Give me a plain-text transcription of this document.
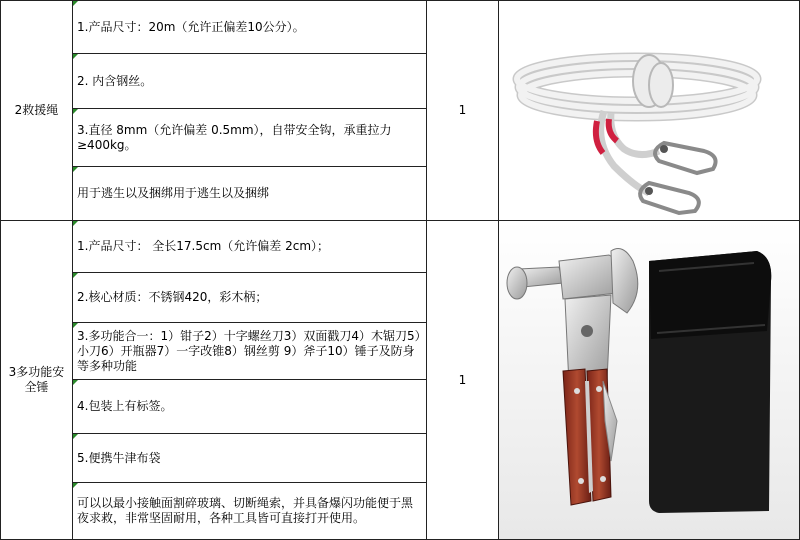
2救援绳
1.产品尺寸：20m（允许正偏差10公分）。
2. 内含钢丝。
3.直径 8mm（允许偏差 0.5mm），自带安全钩，承重拉力≥400kg。
用于逃生以及捆绑用于逃生以及捆绑
1
3多功能安全锤
1.产品尺寸： 全长17.5cm（允许偏差 2cm）；
2.核心材质：不锈钢420，彩木柄；
3.多功能合一：1）钳子2）十字螺丝刀3）双面戳刀4）木锯刀5）小刀6）开瓶器7）一字改锥8）钢丝剪 9）斧子10）锤子及防身等多种功能
4.包装上有标签。
5.便携牛津布袋
可以以最小接触面割碎玻璃、切断绳索，并具备爆闪功能便于黑夜求救，非常坚固耐用，各种工具皆可直接打开使用。
1
